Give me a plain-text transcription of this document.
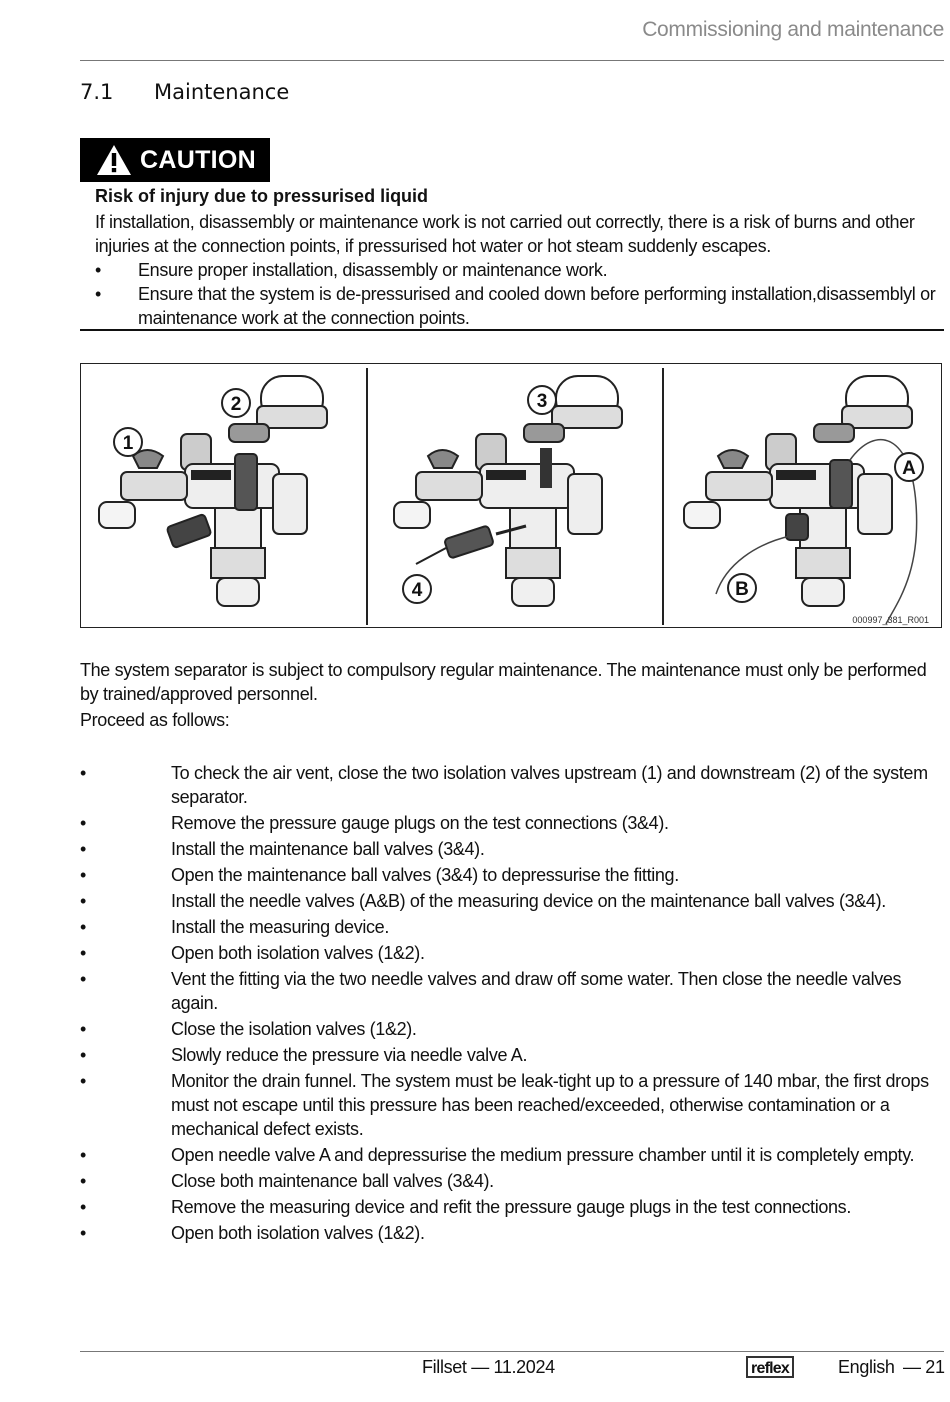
Commissioning and maintenance
7.1 Maintenance
CAUTION
Risk of injury due to pressurised liquid
If installation, disassembly or maintenance work is not carried out correctly, there is a risk of burns and other injuries at the connection points, if pressurised hot water or hot steam suddenly escapes.
• Ensure proper installation, disassembly or maintenance work.
• Ensure that the system is de-pressurised and cooled down before performing installation,disassemblyl or maintenance work at the connection points.
1
2	3
4
A
B
000997_381_R001
The system separator is subject to compulsory regular maintenance. The maintenance must only be performed by trained/approved personnel.
Proceed as follows:
• To check the air vent, close the two isolation valves upstream (1) and downstream (2) of the system separator.
• Remove the pressure gauge plugs on the test connections (3&4).
• Install the maintenance ball valves (3&4).
• Open the maintenance ball valves (3&4) to depressurise the fitting.
• Install the needle valves (A&B) of the measuring device on the maintenance ball valves (3&4).
• Install the measuring device.
• Open both isolation valves (1&2).
• Vent the fitting via the two needle valves and draw off some water. Then close the needle valves again.
• Close the isolation valves (1&2).
• Slowly reduce the pressure via needle valve A.
• Monitor the drain funnel. The system must be leak-tight up to a pressure of 140 mbar, the first drops must not escape until this pressure has been reached/exceeded, otherwise contamination or a mechanical defect exists.
• Open needle valve A and depressurise the medium pressure chamber until it is completely empty.
• Close both maintenance ball valves (3&4).
• Remove the measuring device and refit the pressure gauge plugs in the test connections.
• Open both isolation valves (1&2).
Fillset — 11.2024	reflex	English — 21
